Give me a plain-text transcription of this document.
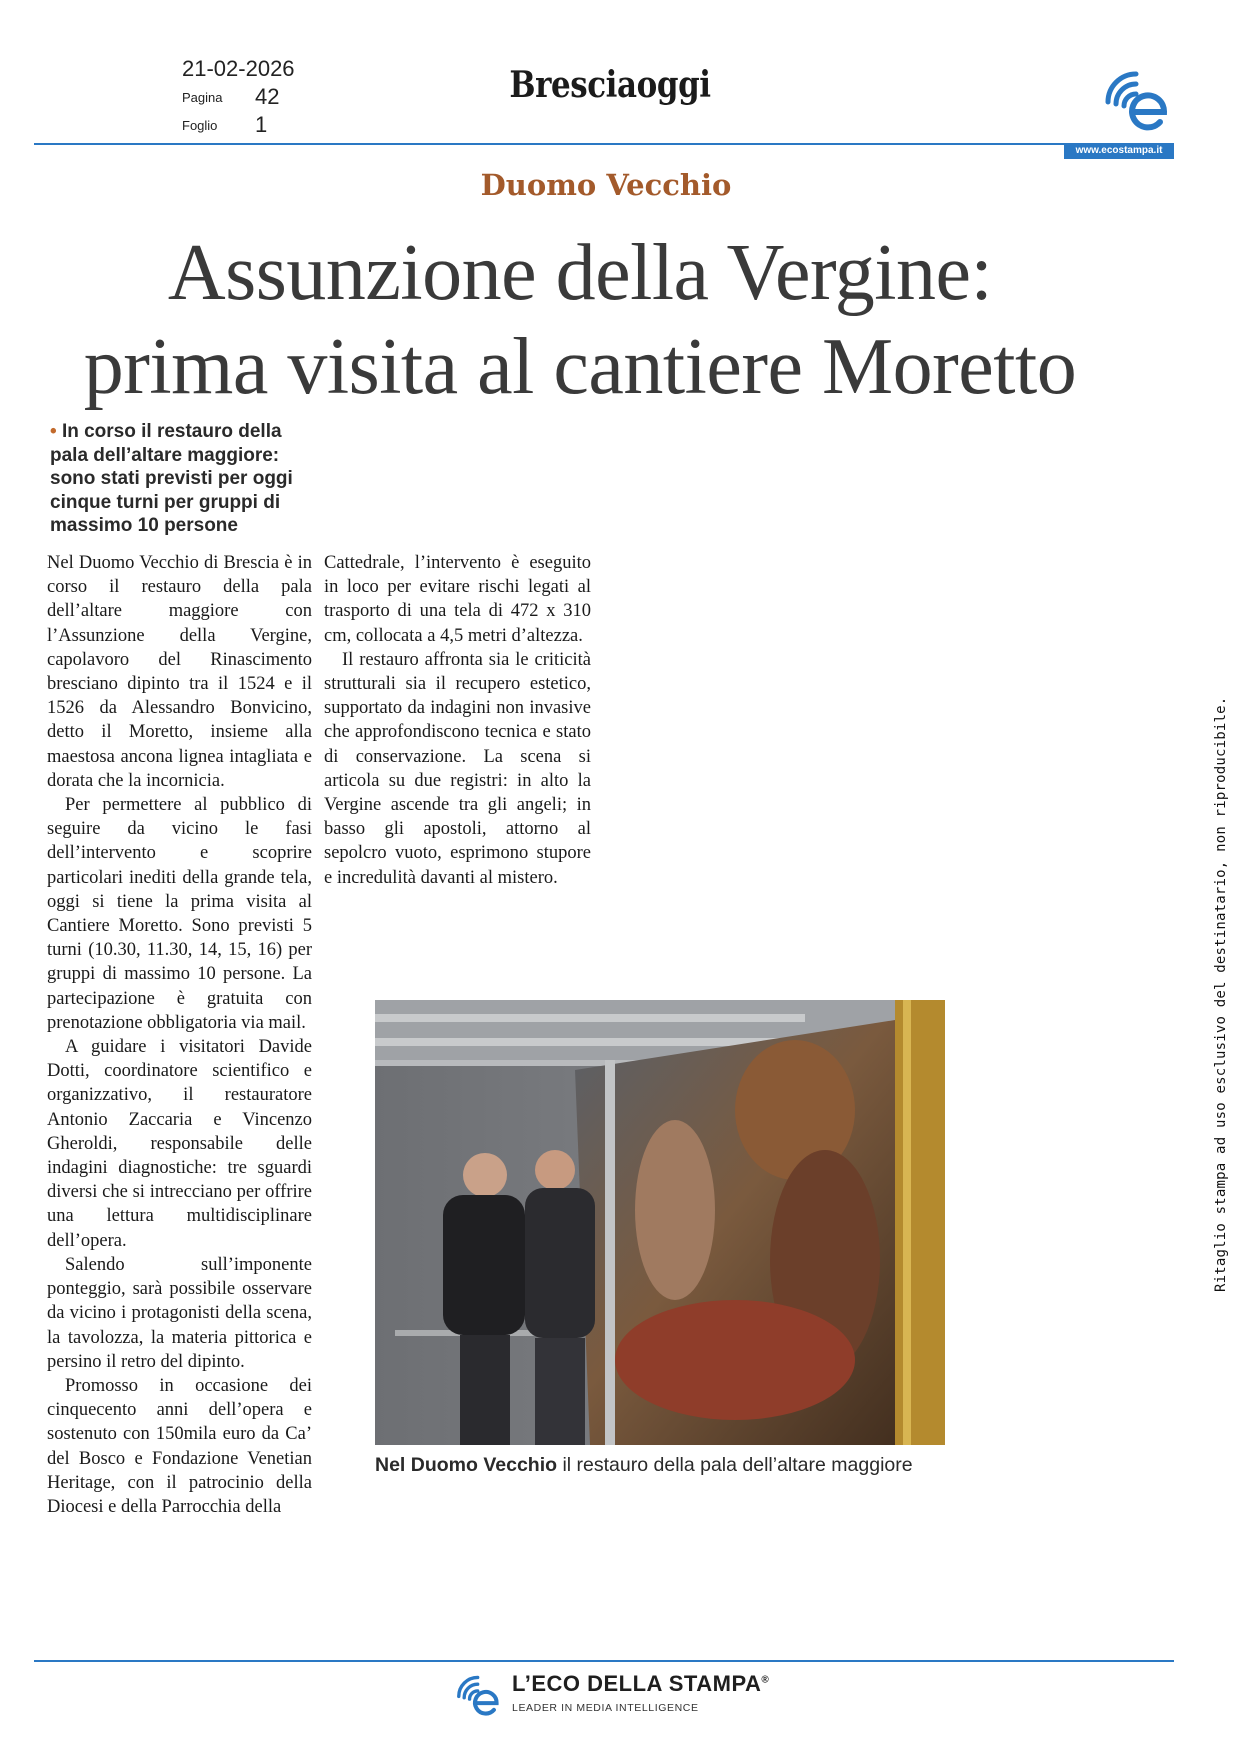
21-02-2026
Pagina 42
Foglio 1
Bresciaoggi
www.ecostampa.it
Duomo Vecchio
Assunzione della Vergine:
prima visita al cantiere Moretto
• In corso il restauro della pala dell’altare maggiore: sono stati previsti per oggi cinque turni per gruppi di massimo 10 persone

Nel Duomo Vecchio di Brescia è in corso il restauro della pala dell’altare maggiore con l’Assunzione della Vergine, capolavoro del Rinascimento bresciano dipinto tra il 1524 e il 1526 da Alessandro Bonvicino, detto il Moretto, insieme alla maestosa ancona lignea intagliata e dorata che la incornicia.

Per permettere al pubblico di seguire da vicino le fasi dell’intervento e scoprire particolari inediti della grande tela, oggi si tiene la prima visita al Cantiere Moretto. Sono previsti 5 turni (10.30, 11.30, 14, 15, 16) per gruppi di massimo 10 persone. La partecipazione è gratuita con prenotazione obbligatoria via mail.

A guidare i visitatori Davide Dotti, coordinatore scientifico e organizzativo, il restauratore Antonio Zaccaria e Vincenzo Gheroldi, responsabile delle indagini diagnostiche: tre sguardi diversi che si intrecciano per offrire una lettura multidisciplinare dell’opera.

Salendo sull’imponente ponteggio, sarà possibile osservare da vicino i protagonisti della scena, la tavolozza, la materia pittorica e persino il retro del dipinto.

Promosso in occasione dei cinquecento anni dell’opera e sostenuto con 150mila euro da Ca’ del Bosco e Fondazione Venetian Heritage, con il patrocinio della Diocesi e della Parrocchia della

Cattedrale, l’intervento è eseguito in loco per evitare rischi legati al trasporto di una tela di 472 x 310 cm, collocata a 4,5 metri d’altezza.

Il restauro affronta sia le criticità strutturali sia il recupero estetico, supportato da indagini non invasive che approfondiscono tecnica e stato di conservazione. La scena si articola su due registri: in alto la Vergine ascende tra gli angeli; in basso gli apostoli, attorno al sepolcro vuoto, esprimono stupore e incredulità davanti al mistero.

Nel Duomo Vecchio il restauro della pala dell’altare maggiore
Ritaglio stampa ad uso esclusivo del destinatario, non riproducibile.
L’ECO DELLA STAMPA®
LEADER IN MEDIA INTELLIGENCE
